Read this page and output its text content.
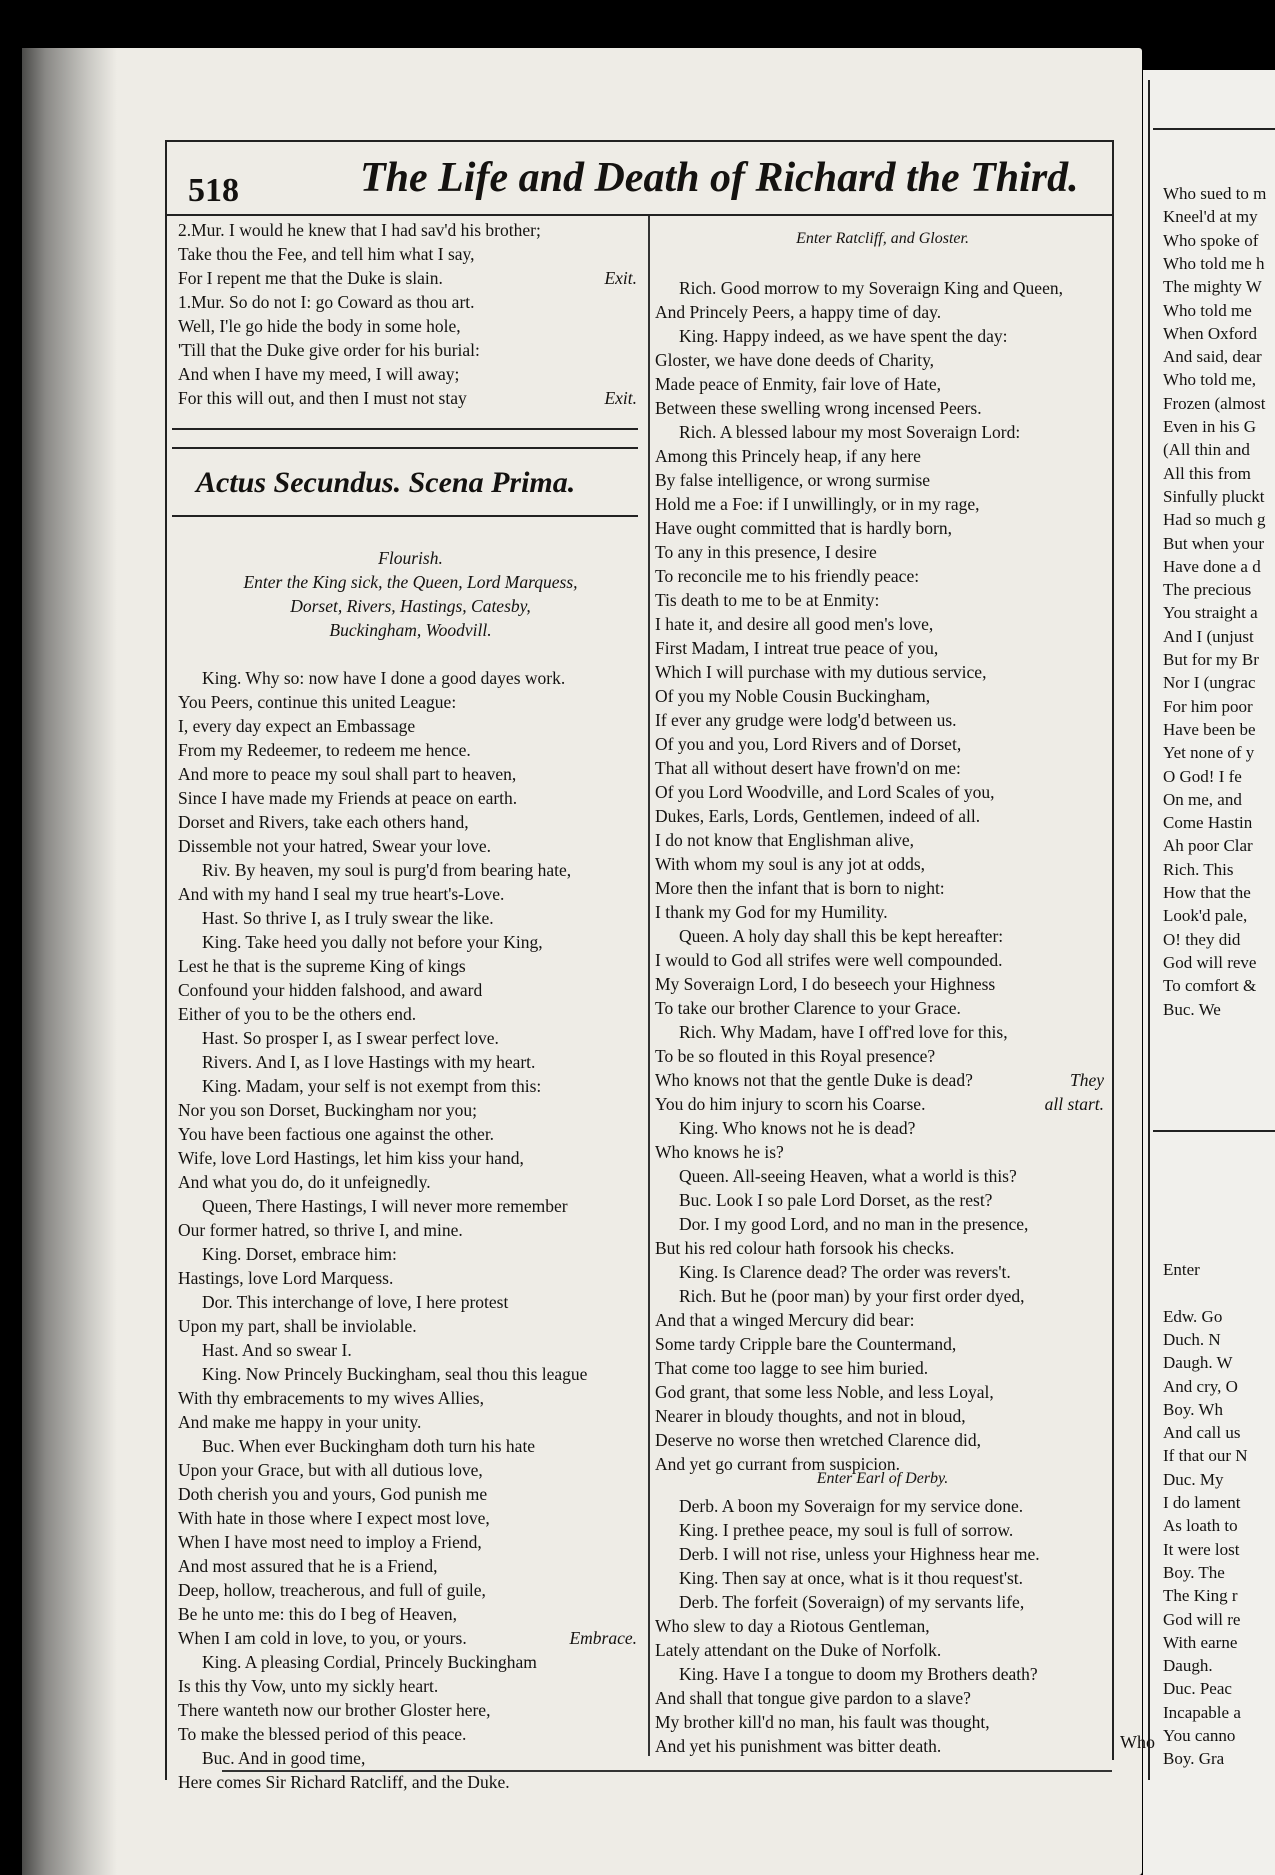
Who sued to m
Kneel'd at my
Who spoke of
Who told me h
The mighty W
Who told me
When Oxford
And said, dear
Who told me,
Frozen (almost
Even in his G
(All thin and
All this from
Sinfully pluckt
Had so much g
But when your
Have done a d
The precious
You straight a
And I (unjust
But for my Br
Nor I (ungrac
For him poor
Have been be
Yet none of y
O God! I fe
On me, and
Come Hastin
Ah poor Clar
Rich. This
How that the
Look'd pale,
O! they did
God will reve
To comfort &
Buc. We
Enter
Edw. Go
Duch. N
Daugh. W
And cry, O
Boy. Wh
And call us
If that our N
Duc. My
I do lament
As loath to
It were lost
Boy. The
The King r
God will re
With earne
Daugh.
Duc. Peac
Incapable a
You canno
Boy. Gra
518	The Life and Death of Richard the Third.
2.Mur. I would he knew that I had sav'd his brother;
Take thou the Fee, and tell him what I say,
For I repent me that the Duke is slain.	Exit.
1.Mur. So do not I: go Coward as thou art.
Well, I'le go hide the body in some hole,
'Till that the Duke give order for his burial:
And when I have my meed, I will away;
For this will out, and then I must not stay	Exit.
Actus Secundus. Scena Prima.
Flourish.
Enter the King sick, the Queen, Lord Marquess,
Dorset, Rivers, Hastings, Catesby,
Buckingham, Woodvill.
King. Why so: now have I done a good dayes work.
You Peers, continue this united League:
I, every day expect an Embassage
From my Redeemer, to redeem me hence.
And more to peace my soul shall part to heaven,
Since I have made my Friends at peace on earth.
Dorset and Rivers, take each others hand,
Dissemble not your hatred, Swear your love.
Riv. By heaven, my soul is purg'd from bearing hate,
And with my hand I seal my true heart's-Love.
Hast. So thrive I, as I truly swear the like.
King. Take heed you dally not before your King,
Lest he that is the supreme King of kings
Confound your hidden falshood, and award
Either of you to be the others end.
Hast. So prosper I, as I swear perfect love.
Rivers. And I, as I love Hastings with my heart.
King. Madam, your self is not exempt from this:
Nor you son Dorset, Buckingham nor you;
You have been factious one against the other.
Wife, love Lord Hastings, let him kiss your hand,
And what you do, do it unfeignedly.
Queen, There Hastings, I will never more remember
Our former hatred, so thrive I, and mine.
King. Dorset, embrace him:
Hastings, love Lord Marquess.
Dor. This interchange of love, I here protest
Upon my part, shall be inviolable.
Hast. And so swear I.
King. Now Princely Buckingham, seal thou this league
With thy embracements to my wives Allies,
And make me happy in your unity.
Buc. When ever Buckingham doth turn his hate
Upon your Grace, but with all dutious love,
Doth cherish you and yours, God punish me
With hate in those where I expect most love,
When I have most need to imploy a Friend,
And most assured that he is a Friend,
Deep, hollow, treacherous, and full of guile,
Be he unto me: this do I beg of Heaven,
When I am cold in love, to you, or yours.	Embrace.
King. A pleasing Cordial, Princely Buckingham
Is this thy Vow, unto my sickly heart.
There wanteth now our brother Gloster here,
To make the blessed period of this peace.
Buc. And in good time,
Here comes Sir Richard Ratcliff, and the Duke.
Enter Ratcliff, and Gloster.
Rich. Good morrow to my Soveraign King and Queen,
And Princely Peers, a happy time of day.
King. Happy indeed, as we have spent the day:
Gloster, we have done deeds of Charity,
Made peace of Enmity, fair love of Hate,
Between these swelling wrong incensed Peers.
Rich. A blessed labour my most Soveraign Lord:
Among this Princely heap, if any here
By false intelligence, or wrong surmise
Hold me a Foe: if I unwillingly, or in my rage,
Have ought committed that is hardly born,
To any in this presence, I desire
To reconcile me to his friendly peace:
Tis death to me to be at Enmity:
I hate it, and desire all good men's love,
First Madam, I intreat true peace of you,
Which I will purchase with my dutious service,
Of you my Noble Cousin Buckingham,
If ever any grudge were lodg'd between us.
Of you and you, Lord Rivers and of Dorset,
That all without desert have frown'd on me:
Of you Lord Woodville, and Lord Scales of you,
Dukes, Earls, Lords, Gentlemen, indeed of all.
I do not know that Englishman alive,
With whom my soul is any jot at odds,
More then the infant that is born to night:
I thank my God for my Humility.
Queen. A holy day shall this be kept hereafter:
I would to God all strifes were well compounded.
My Soveraign Lord, I do beseech your Highness
To take our brother Clarence to your Grace.
Rich. Why Madam, have I off'red love for this,
To be so flouted in this Royal presence?
Who knows not that the gentle Duke is dead?	They
You do him injury to scorn his Coarse.	all start.
King. Who knows not he is dead?
Who knows he is?
Queen. All-seeing Heaven, what a world is this?
Buc. Look I so pale Lord Dorset, as the rest?
Dor. I my good Lord, and no man in the presence,
But his red colour hath forsook his checks.
King. Is Clarence dead? The order was revers't.
Rich. But he (poor man) by your first order dyed,
And that a winged Mercury did bear:
Some tardy Cripple bare the Countermand,
That come too lagge to see him buried.
God grant, that some less Noble, and less Loyal,
Nearer in bloudy thoughts, and not in bloud,
Deserve no worse then wretched Clarence did,
And yet go currant from suspicion.
Enter Earl of Derby.
Derb. A boon my Soveraign for my service done.
King. I prethee peace, my soul is full of sorrow.
Derb. I will not rise, unless your Highness hear me.
King. Then say at once, what is it thou request'st.
Derb. The forfeit (Soveraign) of my servants life,
Who slew to day a Riotous Gentleman,
Lately attendant on the Duke of Norfolk.
King. Have I a tongue to doom my Brothers death?
And shall that tongue give pardon to a slave?
My brother kill'd no man, his fault was thought,
And yet his punishment was bitter death.	Who
